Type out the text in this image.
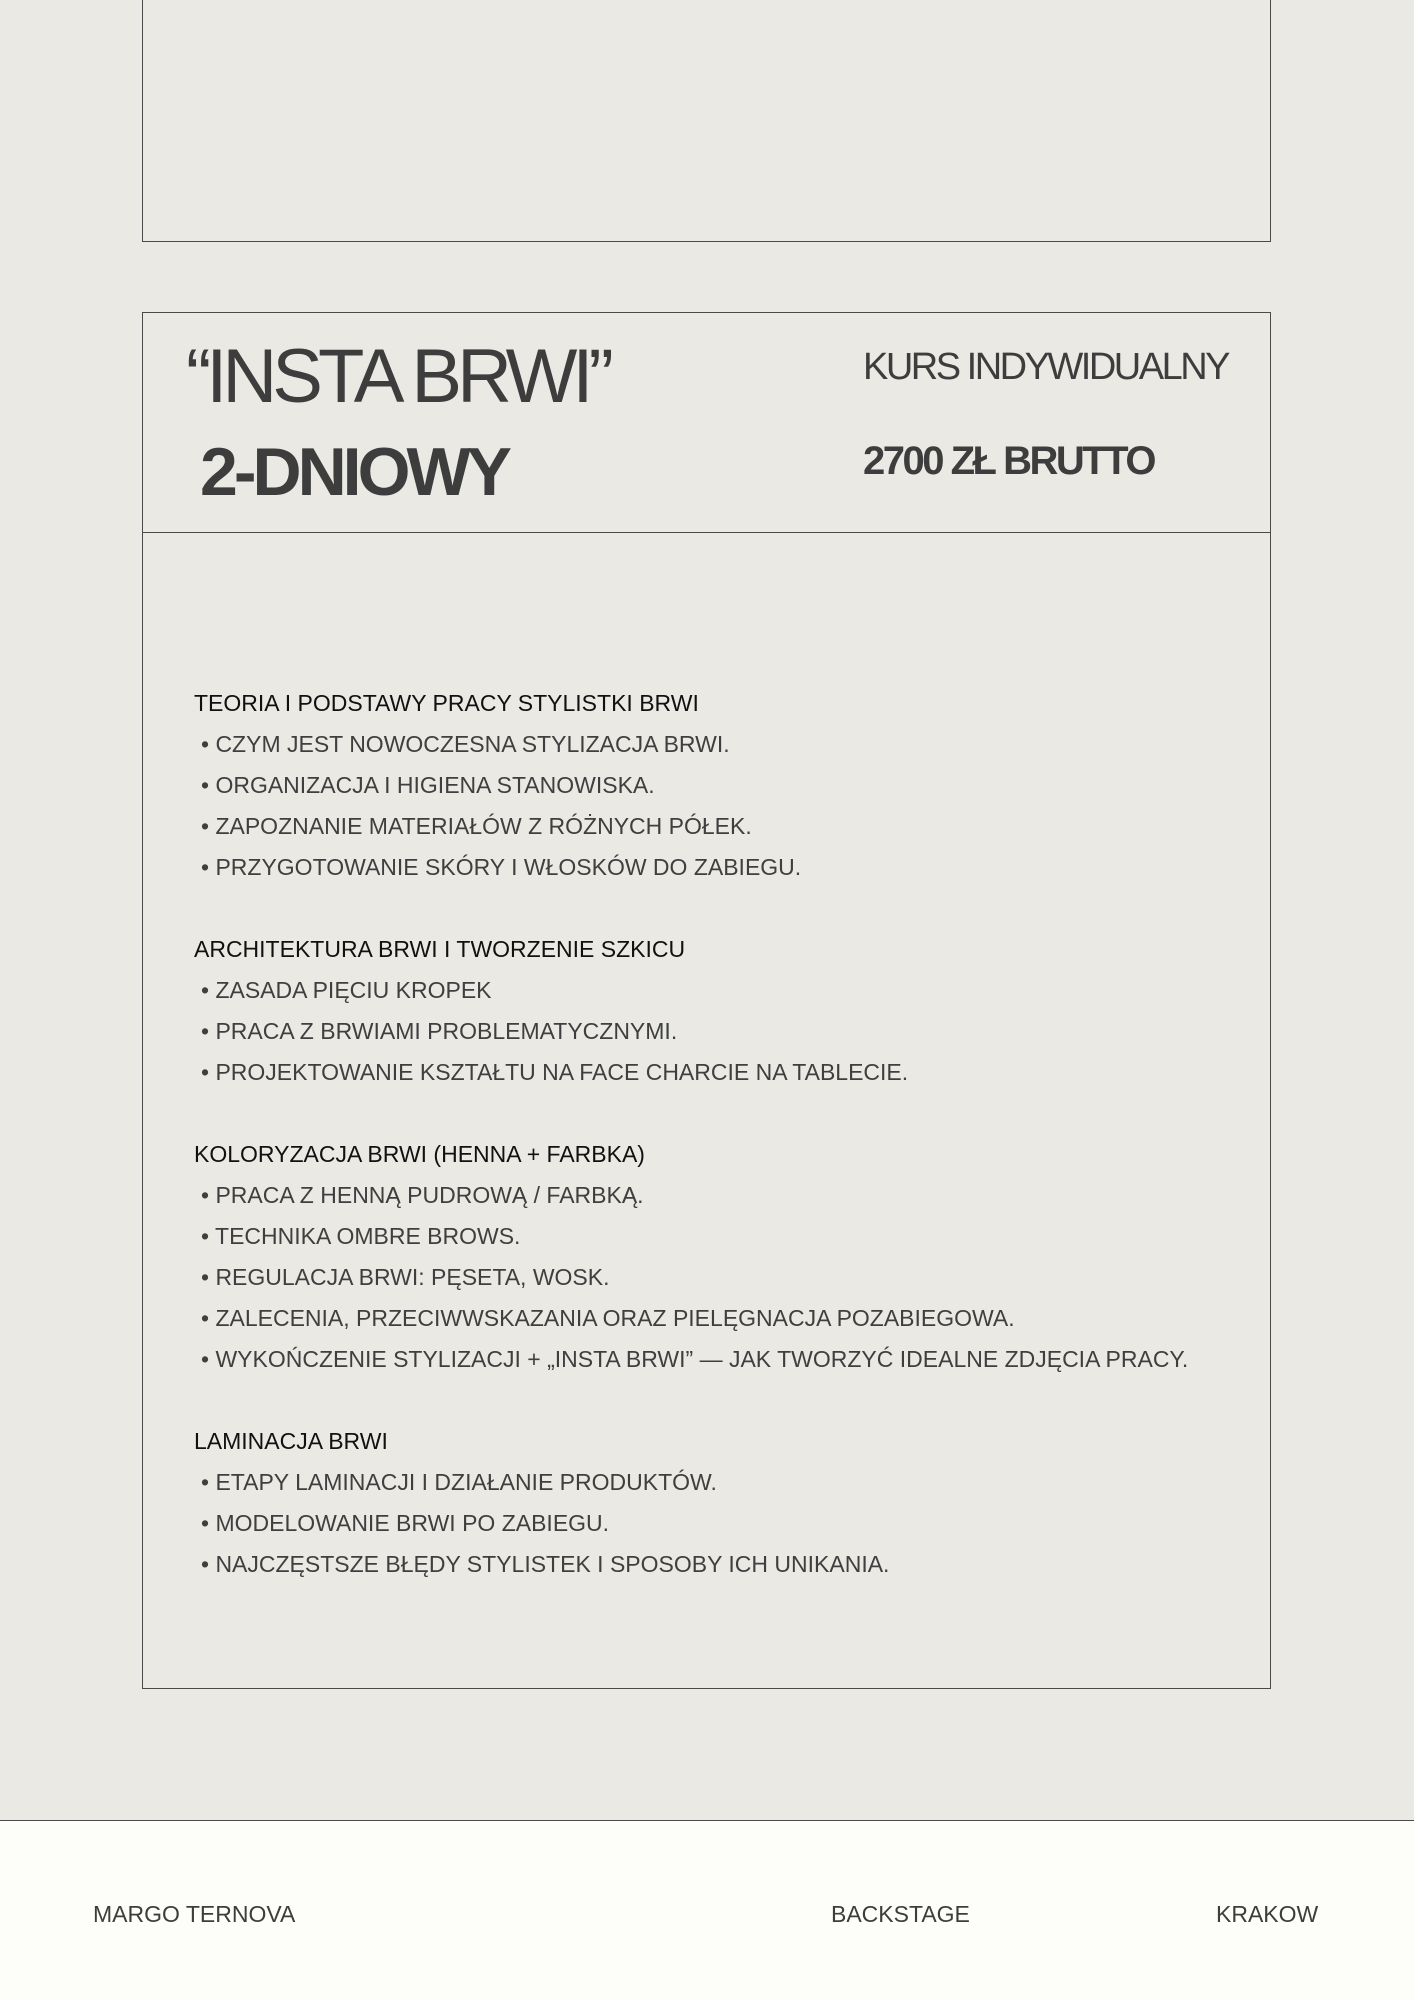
“INSTA BRWI”
2-DNIOWY
KURS INDYWIDUALNY
2700 ZŁ BRUTTO
TEORIA I PODSTAWY PRACY STYLISTKI BRWI
• CZYM JEST NOWOCZESNA STYLIZACJA BRWI.
• ORGANIZACJA I HIGIENA STANOWISKA.
• ZAPOZNANIE MATERIAŁÓW Z RÓŻNYCH PÓŁEK.
• PRZYGOTOWANIE SKÓRY I WŁOSKÓW DO ZABIEGU.
ARCHITEKTURA BRWI I TWORZENIE SZKICU
• ZASADA PIĘCIU KROPEK
• PRACA Z BRWIAMI PROBLEMATYCZNYMI.
• PROJEKTOWANIE KSZTAŁTU NA FACE CHARCIE NA TABLECIE.
KOLORYZACJA BRWI (HENNA + FARBKA)
• PRACA Z HENNĄ PUDROWĄ / FARBKĄ.
• TECHNIKA OMBRE BROWS.
• REGULACJA BRWI: PĘSETA, WOSK.
• ZALECENIA, PRZECIWWSKAZANIA ORAZ PIELĘGNACJA POZABIEGOWA.
• WYKOŃCZENIE STYLIZACJI + „INSTA BRWI” — JAK TWORZYĆ IDEALNE ZDJĘCIA PRACY.
LAMINACJA BRWI
• ETAPY LAMINACJI I DZIAŁANIE PRODUKTÓW.
• MODELOWANIE BRWI PO ZABIEGU.
• NAJCZĘSTSZE BŁĘDY STYLISTEK I SPOSOBY ICH UNIKANIA.
MARGO TERNOVA	BACKSTAGE	KRAKOW
